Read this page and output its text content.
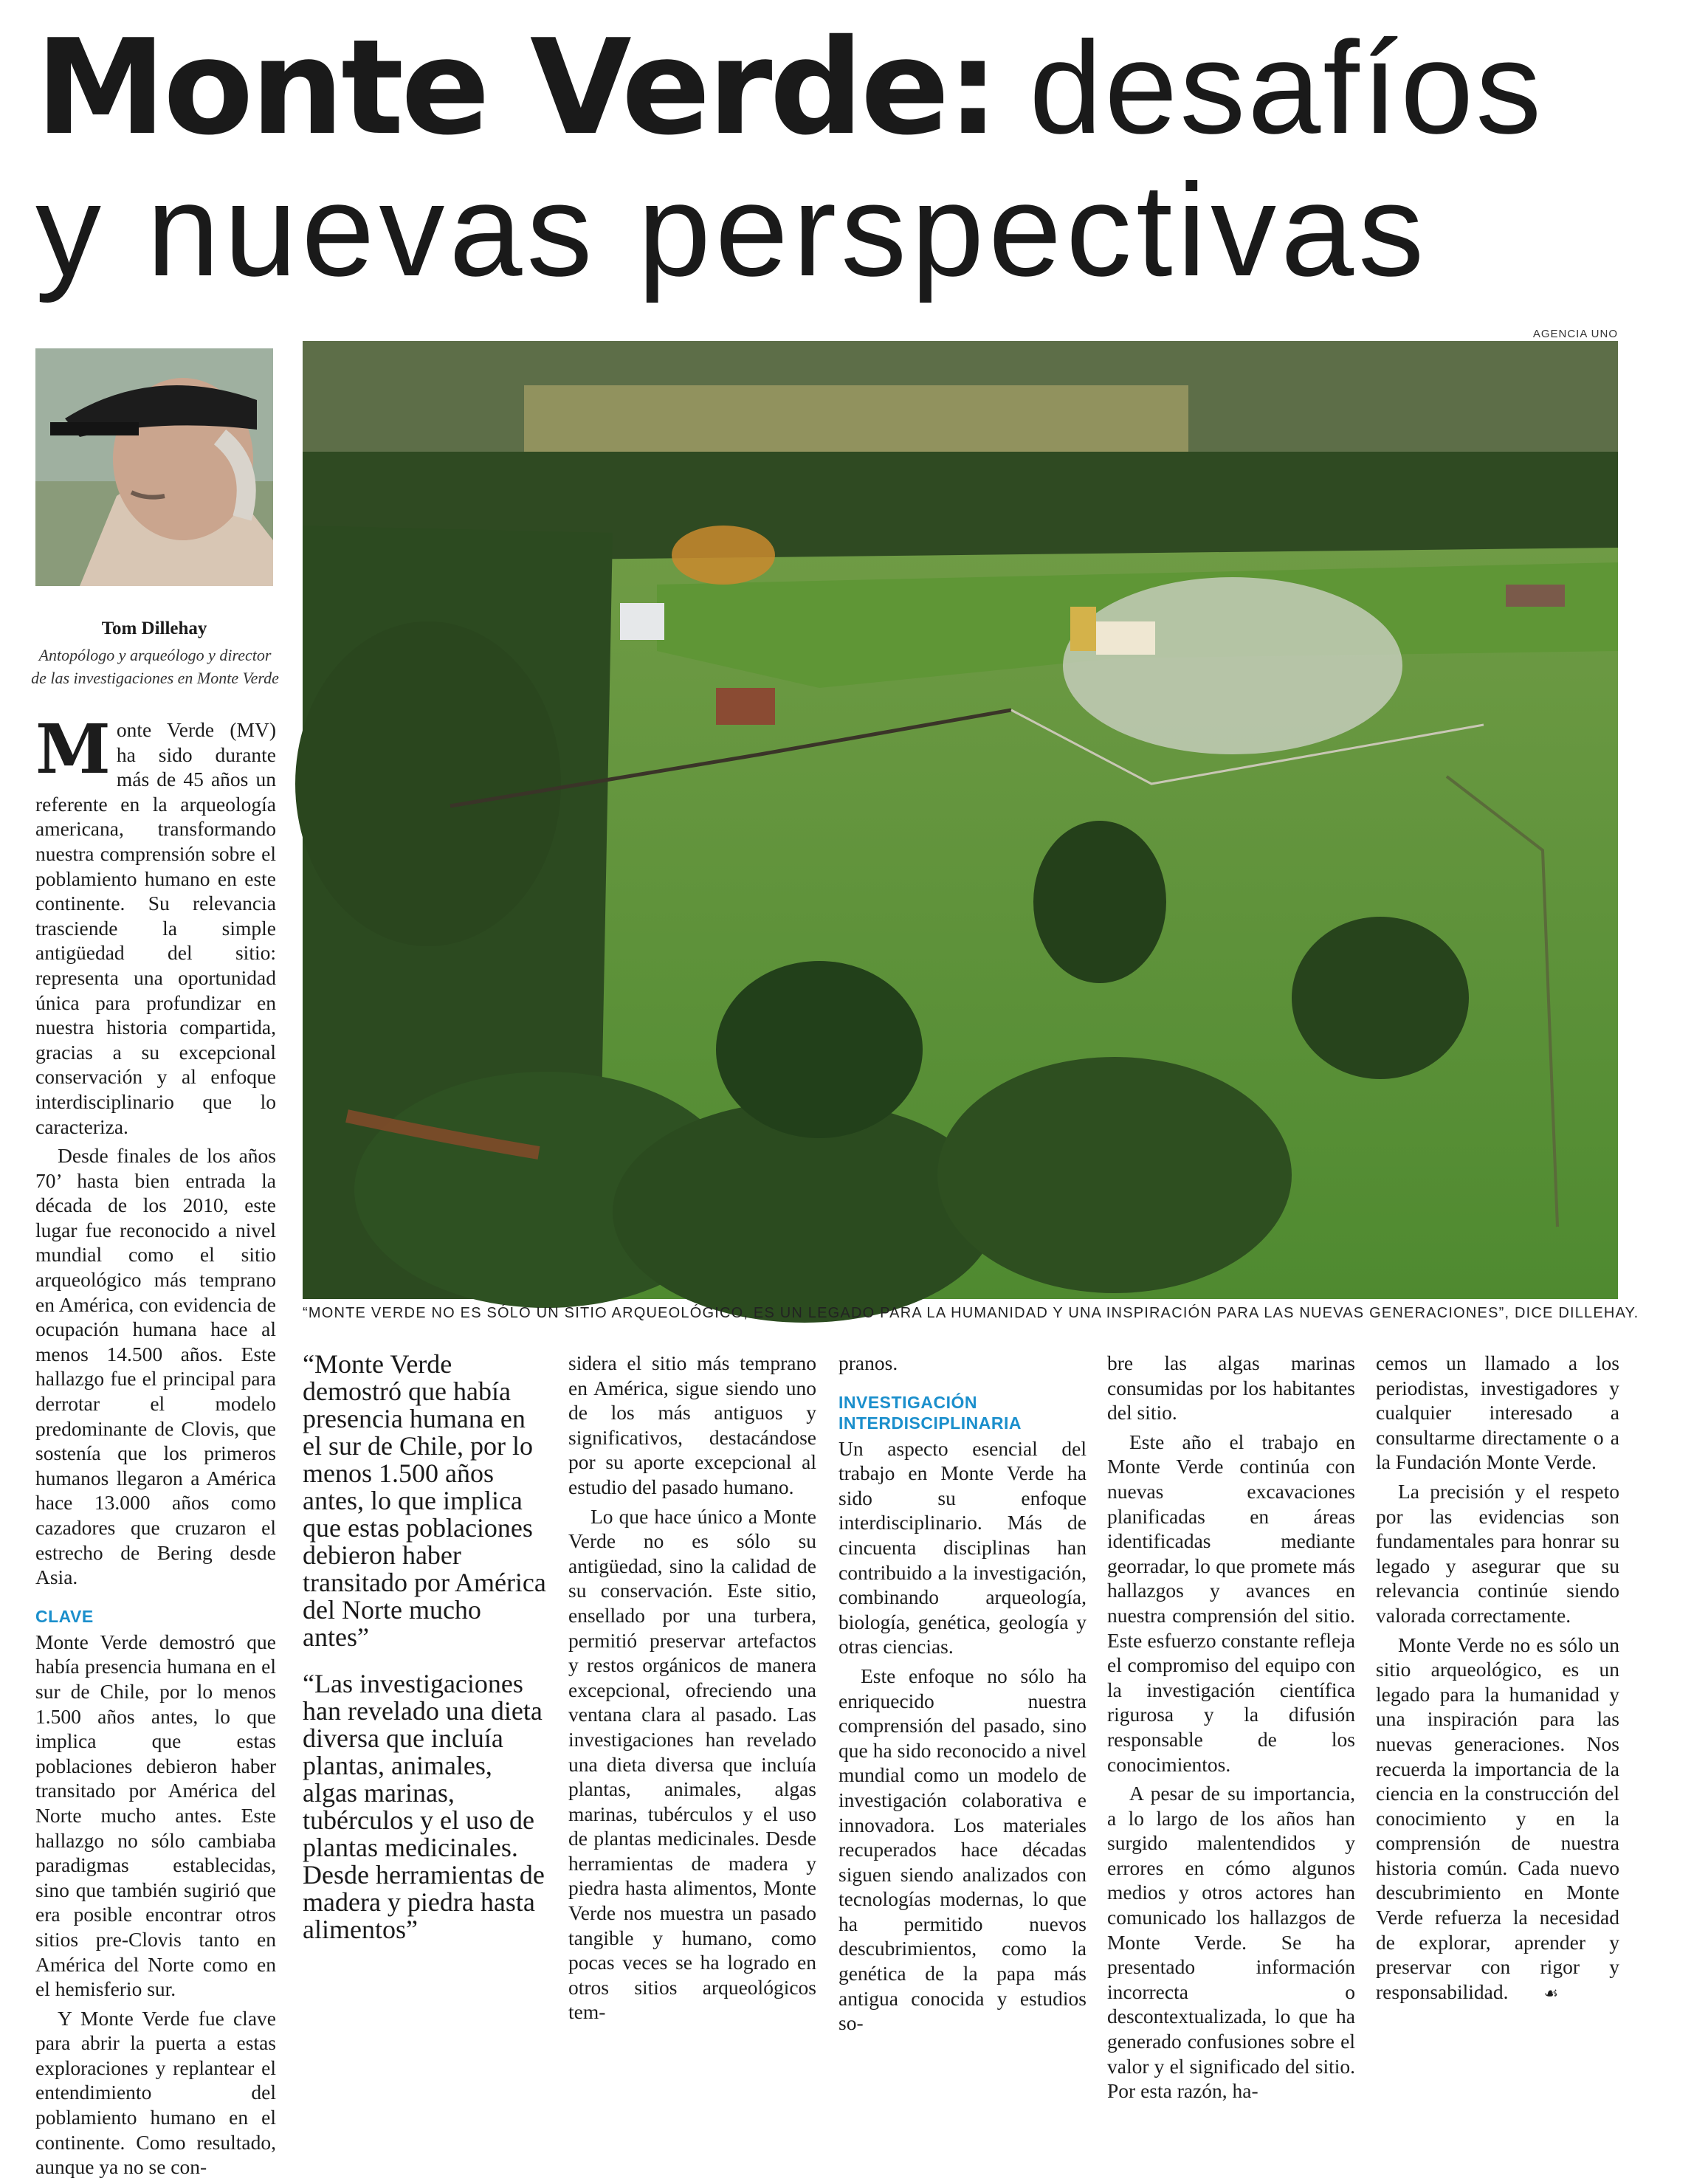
Monte Verde: desafíos
y nuevas perspectivas
AGENCIA UNO
“MONTE VERDE NO ES SÓLO UN SITIO ARQUEOLÓGICO, ES UN LEGADO PARA LA HUMANIDAD Y UNA INSPIRACIÓN PARA LAS NUEVAS GENERACIONES”, DICE DILLEHAY.
Tom Dillehay
Antopólogo y arqueólogo y director
de las investigaciones en Monte Verde

Monte Verde (MV) ha sido durante más de 45 años un referente en la arqueología americana, transformando nuestra comprensión sobre el poblamiento humano en este continente. Su relevancia trasciende la simple antigüedad del sitio: representa una oportunidad única para profundizar en nuestra historia compartida, gracias a su excepcional conservación y al enfoque interdisciplinario que lo caracteriza.

Desde finales de los años 70’ hasta bien entrada la década de los 2010, este lugar fue reconocido a nivel mundial como el sitio arqueológico más temprano en América, con evidencia de ocupación humana hace al menos 14.500 años. Este hallazgo fue el principal para derrotar el modelo predominante de Clovis, que sostenía que los primeros humanos llegaron a América hace 13.000 años como cazadores que cruzaron el estrecho de Bering desde Asia.

CLAVE

Monte Verde demostró que había presencia humana en el sur de Chile, por lo menos 1.500 años antes, lo que implica que estas poblaciones debieron haber transitado por América del Norte mucho antes. Este hallazgo no sólo cambiaba paradigmas establecidas, sino que también sugirió que era posible encontrar otros sitios pre-Clovis tanto en América del Norte como en el hemisferio sur.

Y Monte Verde fue clave para abrir la puerta a estas exploraciones y replantear el entendimiento del poblamiento humano en el continente. Como resultado, aunque ya no se con-

“Monte Verde demostró que había presencia humana en el sur de Chile, por lo menos 1.500 años antes, lo que implica que estas poblaciones debieron haber transitado por América del Norte mucho antes”
“Las investigaciones han revelado una dieta diversa que incluía plantas, animales, algas marinas, tubérculos y el uso de plantas medicinales. Desde herramientas de madera y piedra hasta alimentos”

sidera el sitio más temprano en América, sigue siendo uno de los más antiguos y significativos, destacándose por su aporte excepcional al estudio del pasado humano.

Lo que hace único a Monte Verde no es sólo su antigüedad, sino la calidad de su conservación. Este sitio, ensellado por una turbera, permitió preservar artefactos y restos orgánicos de manera excepcional, ofreciendo una ventana clara al pasado. Las investigaciones han revelado una dieta diversa que incluía plantas, animales, algas marinas, tubérculos y el uso de plantas medicinales. Desde herramientas de madera y piedra hasta alimentos, Monte Verde nos muestra un pasado tangible y humano, como pocas veces se ha logrado en otros sitios arqueológicos tem-

pranos.

INVESTIGACIÓN
INTERDISCIPLINARIA

Un aspecto esencial del trabajo en Monte Verde ha sido su enfoque interdisciplinario. Más de cincuenta disciplinas han contribuido a la investigación, combinando arqueología, biología, genética, geología y otras ciencias.

Este enfoque no sólo ha enriquecido nuestra comprensión del pasado, sino que ha sido reconocido a nivel mundial como un modelo de investigación colaborativa e innovadora. Los materiales recuperados hace décadas siguen siendo analizados con tecnologías modernas, lo que ha permitido nuevos descubrimientos, como la genética de la papa más antigua conocida y estudios so-

bre las algas marinas consumidas por los habitantes del sitio.

Este año el trabajo en Monte Verde continúa con nuevas excavaciones planificadas en áreas identificadas mediante georradar, lo que promete más hallazgos y avances en nuestra comprensión del sitio. Este esfuerzo constante refleja el compromiso del equipo con la investigación científica rigurosa y la difusión responsable de los conocimientos.

A pesar de su importancia, a lo largo de los años han surgido malentendidos y errores en cómo algunos medios y otros actores han comunicado los hallazgos de Monte Verde. Se ha presentado información incorrecta o descontextualizada, lo que ha generado confusiones sobre el valor y el significado del sitio. Por esta razón, ha-

cemos un llamado a los periodistas, investigadores y cualquier interesado a consultarme directamente o a la Fundación Monte Verde.

La precisión y el respeto por las evidencias son fundamentales para honrar su legado y asegurar que su relevancia continúe siendo valorada correctamente.

Monte Verde no es sólo un sitio arqueológico, es un legado para la humanidad y una inspiración para las nuevas generaciones. Nos recuerda la importancia de la ciencia en la construcción del conocimiento y en la comprensión de nuestra historia común. Cada nuevo descubrimiento en Monte Verde refuerza la necesidad de explorar, aprender y preservar con rigor y responsabilidad. ☙
